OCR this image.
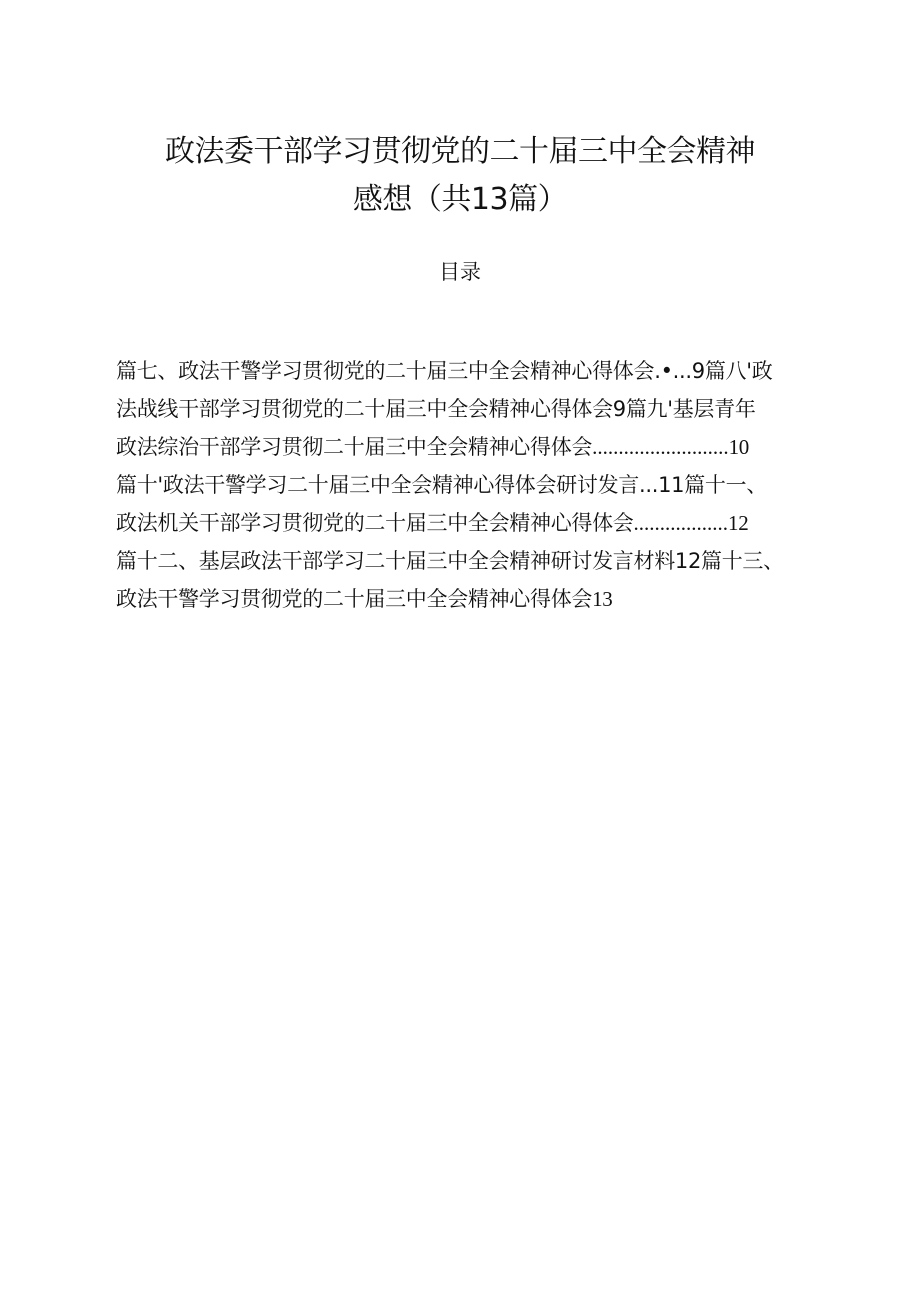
政法委干部学习贯彻党的二十届三中全会精神
感想（共13篇）
目录
篇七、政法干警学习贯彻党的二十届三中全会精神心得体会.•...9篇八'政
法战线干部学习贯彻党的二十届三中全会精神心得体会9篇九'基层青年
政法综治干部学习贯彻二十届三中全会精神心得体会..........................10
篇十'政法干警学习二十届三中全会精神心得体会研讨发言...11篇十一、
政法机关干部学习贯彻党的二十届三中全会精神心得体会..................12
篇十二、基层政法干部学习二十届三中全会精神研讨发言材料12篇十三、
政法干警学习贯彻党的二十届三中全会精神心得体会13
